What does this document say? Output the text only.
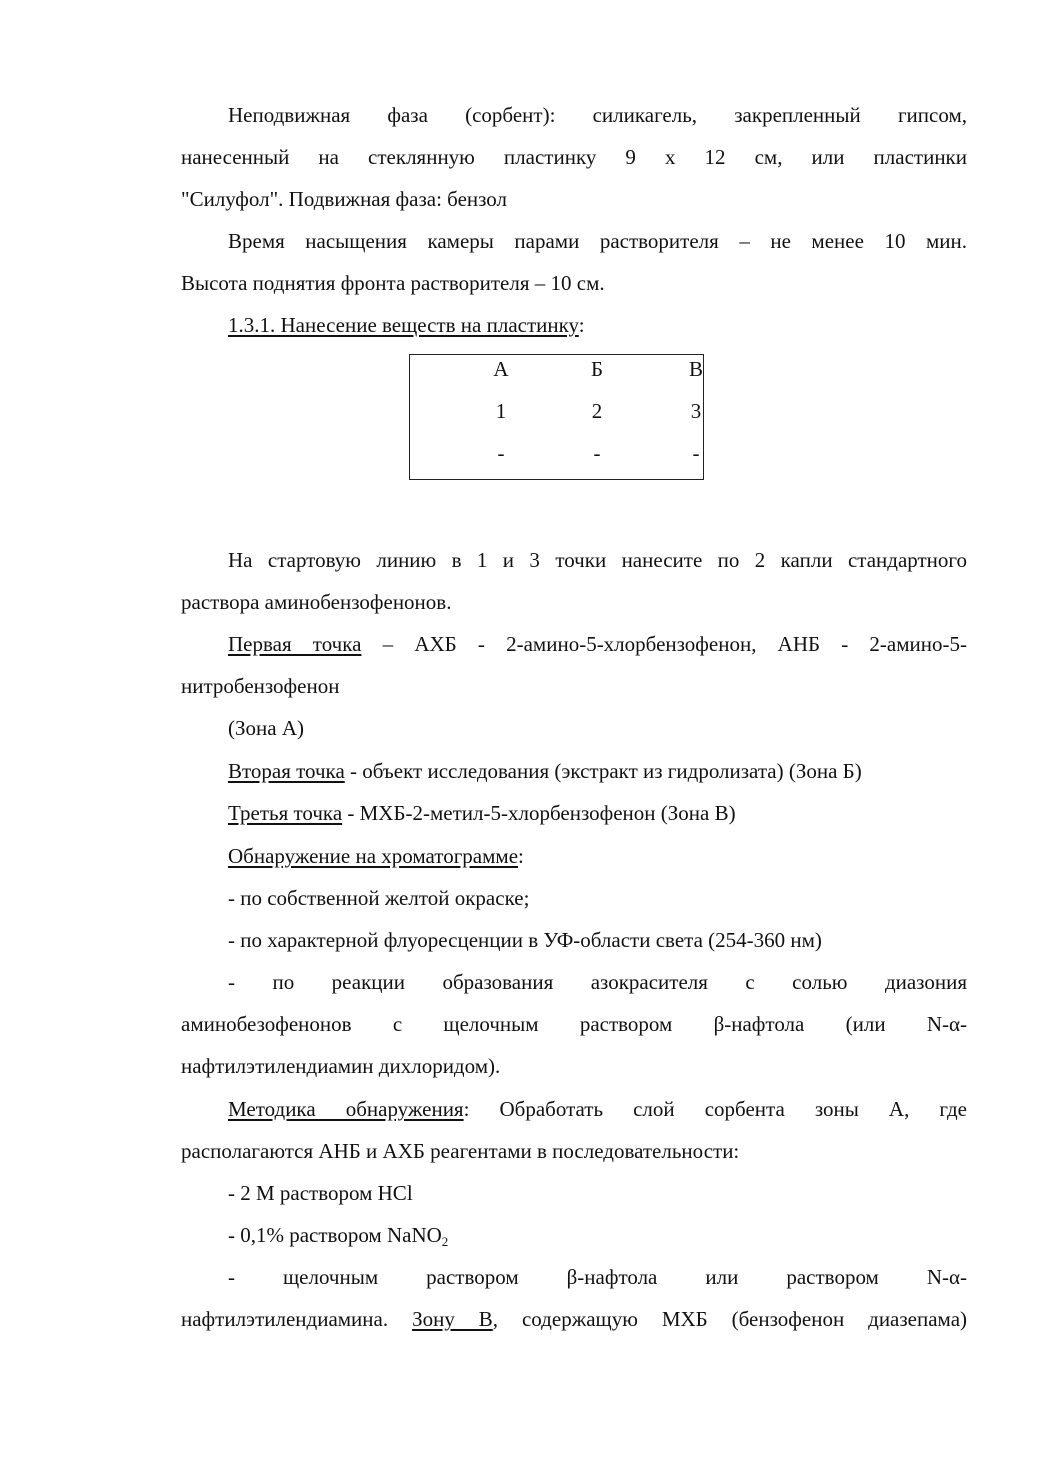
Неподвижная фаза (сорбент): силикагель, закрепленный гипсом,
нанесенный на стеклянную пластинку 9 х 12 см, или пластинки
"Силуфол". Подвижная фаза: бензол
Время насыщения камеры парами растворителя – не менее 10 мин.
Высота поднятия фронта растворителя – 10 см.
1.3.1. Нанесение веществ на пластинку:
А	Б	В
1	2	3
-	-	-
На стартовую линию в 1 и 3 точки нанесите по 2 капли стандартного
раствора аминобензофенонов.
Первая точка – АХБ - 2-амино-5-хлорбензофенон, АНБ - 2-амино-5-
нитробензофенон
(Зона А)
Вторая точка - объект исследования (экстракт из гидролизата) (Зона Б)
Третья точка - МХБ-2-метил-5-хлорбензофенон (Зона В)
Обнаружение на хроматограмме:
- по собственной желтой окраске;
- по характерной флуоресценции в УФ-области света (254-360 нм)
- по реакции образования азокрасителя с солью диазония
аминобезофенонов с щелочным раствором β-нафтола (или N-α-
нафтилэтилендиамин дихлоридом).
Методика обнаружения: Обработать слой сорбента зоны А, где
располагаются АНБ и АХБ реагентами в последовательности:
- 2 М раствором HCl
- 0,1% раствором NaNO$_2$
- щелочным раствором β-нафтола или раствором N-α-
нафтилэтилендиамина. Зону В, содержащую МХБ (бензофенон диазепама)
